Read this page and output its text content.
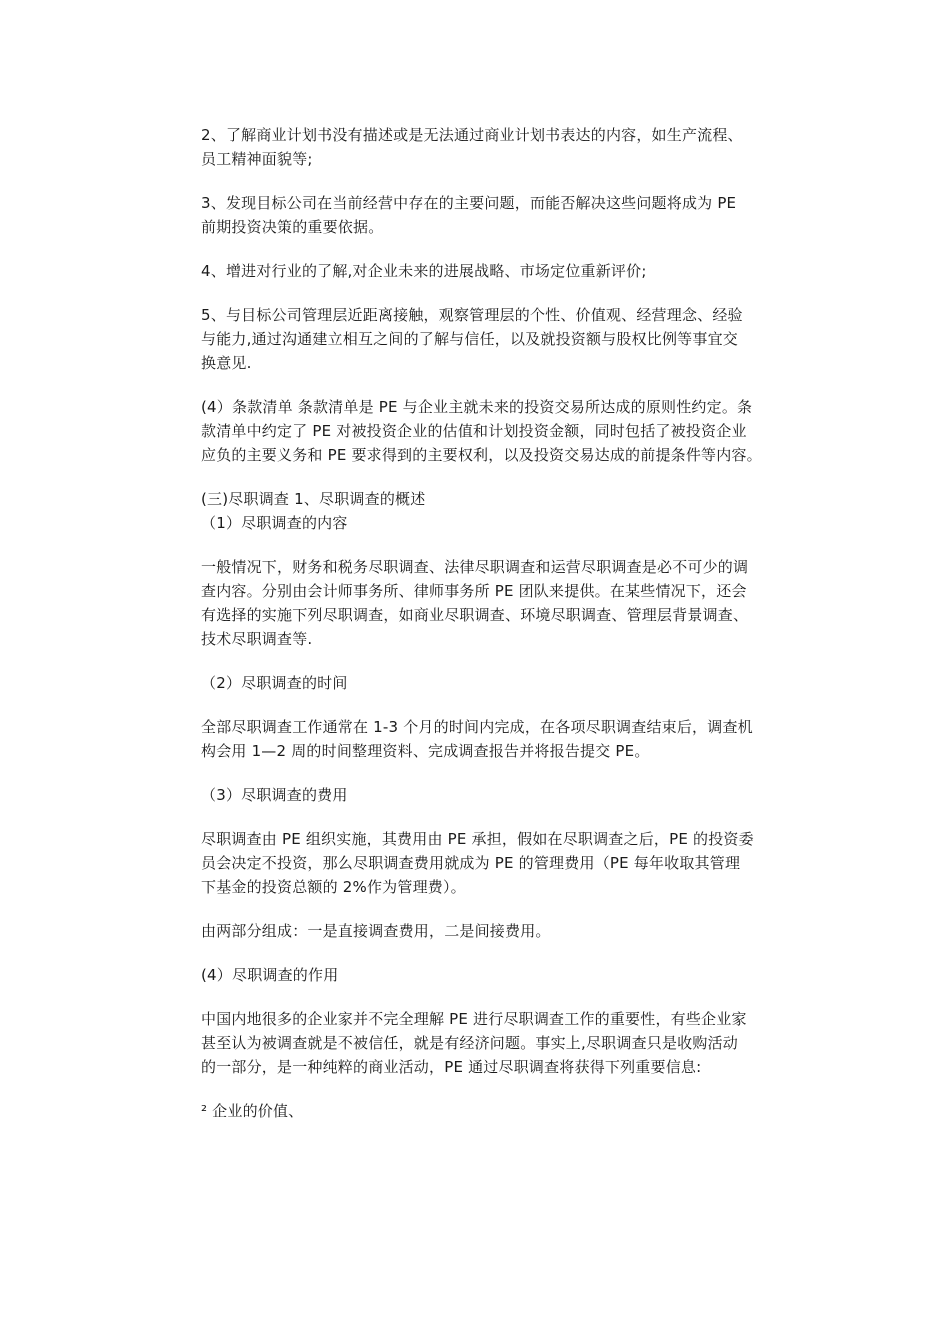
2、了解商业计划书没有描述或是无法通过商业计划书表达的内容，如生产流程、
员工精神面貌等;
3、发现目标公司在当前经营中存在的主要问题，而能否解决这些问题将成为 PE
前期投资决策的重要依据。
4、增进对行业的了解,对企业未来的进展战略、市场定位重新评价;
5、与目标公司管理层近距离接触，观察管理层的个性、价值观、经营理念、经验
与能力,通过沟通建立相互之间的了解与信任，以及就投资额与股权比例等事宜交
换意见.
(4）条款清单 条款清单是 PE 与企业主就未来的投资交易所达成的原则性约定。条
款清单中约定了 PE 对被投资企业的估值和计划投资金额，同时包括了被投资企业
应负的主要义务和 PE 要求得到的主要权利，以及投资交易达成的前提条件等内容。
(三)尽职调查 1、尽职调查的概述
（1）尽职调查的内容
一般情况下，财务和税务尽职调查、法律尽职调查和运营尽职调查是必不可少的调
查内容。分别由会计师事务所、律师事务所 PE 团队来提供。在某些情况下，还会
有选择的实施下列尽职调查，如商业尽职调查、环境尽职调查、管理层背景调查、
技术尽职调查等.
（2）尽职调查的时间
全部尽职调查工作通常在 1-3 个月的时间内完成，在各项尽职调查结束后，调查机
构会用 1—2 周的时间整理资料、完成调查报告并将报告提交 PE。
（3）尽职调查的费用
尽职调查由 PE 组织实施，其费用由 PE 承担，假如在尽职调查之后，PE 的投资委
员会决定不投资，那么尽职调查费用就成为 PE 的管理费用（PE 每年收取其管理
下基金的投资总额的 2%作为管理费）。
由两部分组成：一是直接调查费用，二是间接费用。
(4）尽职调查的作用
中国内地很多的企业家并不完全理解 PE 进行尽职调查工作的重要性，有些企业家
甚至认为被调查就是不被信任，就是有经济问题。事实上,尽职调查只是收购活动
的一部分，是一种纯粹的商业活动，PE 通过尽职调查将获得下列重要信息:
² 企业的价值、
